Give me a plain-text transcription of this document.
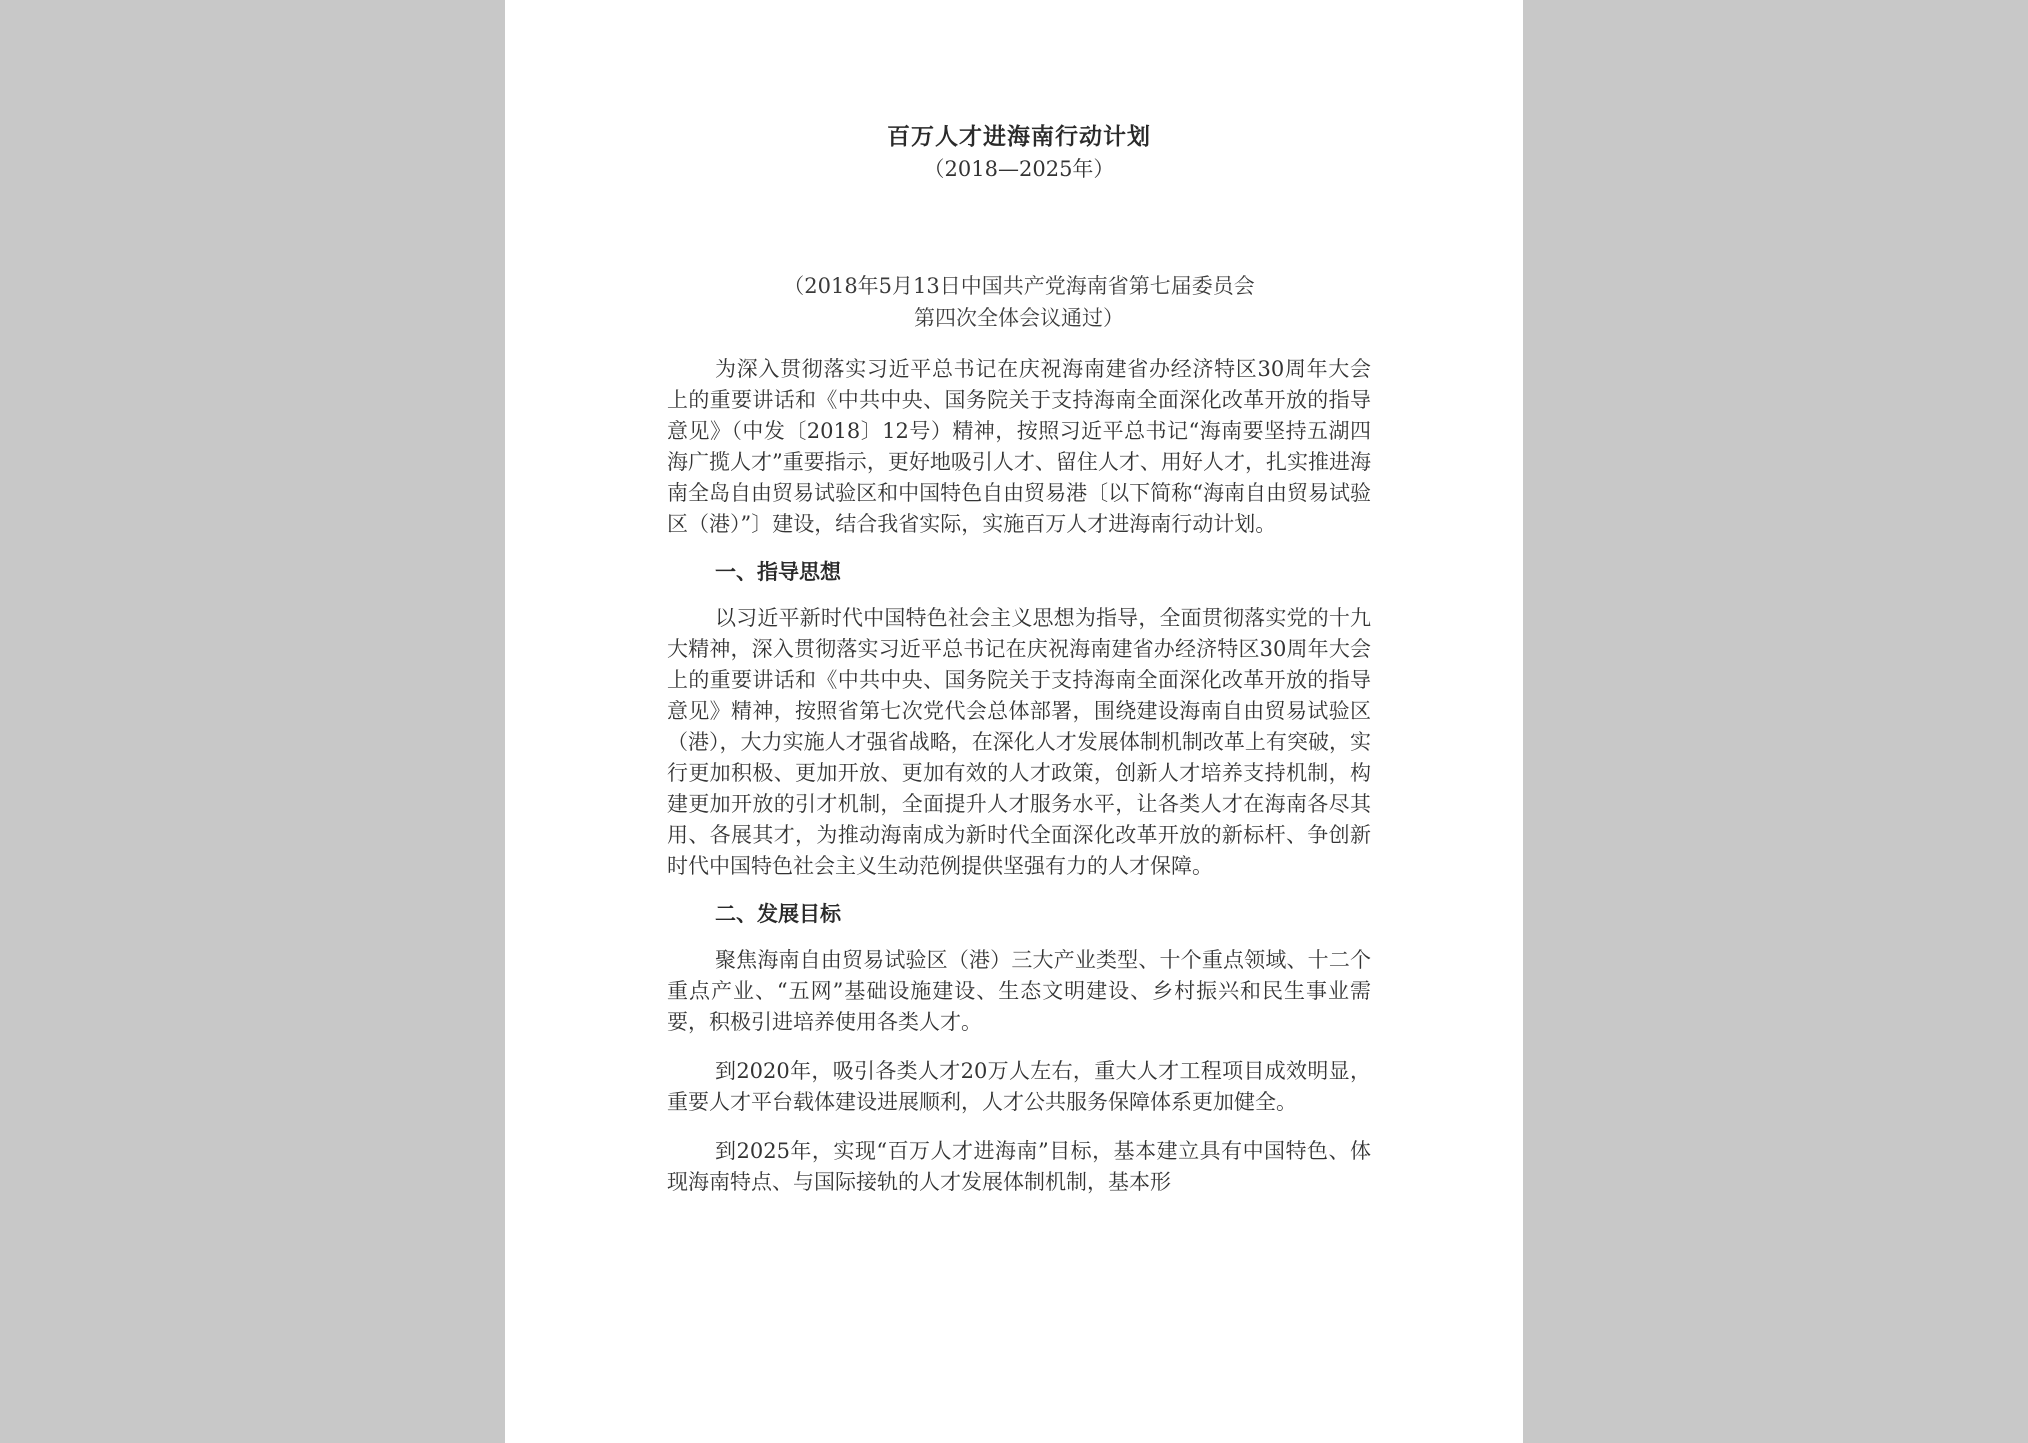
百万人才进海南行动计划
（2018—2025年）
（2018年5月13日中国共产党海南省第七届委员会
第四次全体会议通过）
为深入贯彻落实习近平总书记在庆祝海南建省办经济特区30周年大会上的重要讲话和《中共中央、国务院关于支持海南全面深化改革开放的指导意见》（中发〔2018〕12号）精神，按照习近平总书记“海南要坚持五湖四海广揽人才”重要指示，更好地吸引人才、留住人才、用好人才，扎实推进海南全岛自由贸易试验区和中国特色自由贸易港〔以下简称“海南自由贸易试验区（港）”〕建设，结合我省实际，实施百万人才进海南行动计划。
一、指导思想
以习近平新时代中国特色社会主义思想为指导，全面贯彻落实党的十九大精神，深入贯彻落实习近平总书记在庆祝海南建省办经济特区30周年大会上的重要讲话和《中共中央、国务院关于支持海南全面深化改革开放的指导意见》精神，按照省第七次党代会总体部署，围绕建设海南自由贸易试验区（港），大力实施人才强省战略，在深化人才发展体制机制改革上有突破，实行更加积极、更加开放、更加有效的人才政策，创新人才培养支持机制，构建更加开放的引才机制，全面提升人才服务水平，让各类人才在海南各尽其用、各展其才，为推动海南成为新时代全面深化改革开放的新标杆、争创新时代中国特色社会主义生动范例提供坚强有力的人才保障。
二、发展目标
聚焦海南自由贸易试验区（港）三大产业类型、十个重点领域、十二个重点产业、“五网”基础设施建设、生态文明建设、乡村振兴和民生事业需要，积极引进培养使用各类人才。
到2020年，吸引各类人才20万人左右，重大人才工程项目成效明显，重要人才平台载体建设进展顺利，人才公共服务保障体系更加健全。
到2025年，实现“百万人才进海南”目标，基本建立具有中国特色、体现海南特点、与国际接轨的人才发展体制机制，基本形
